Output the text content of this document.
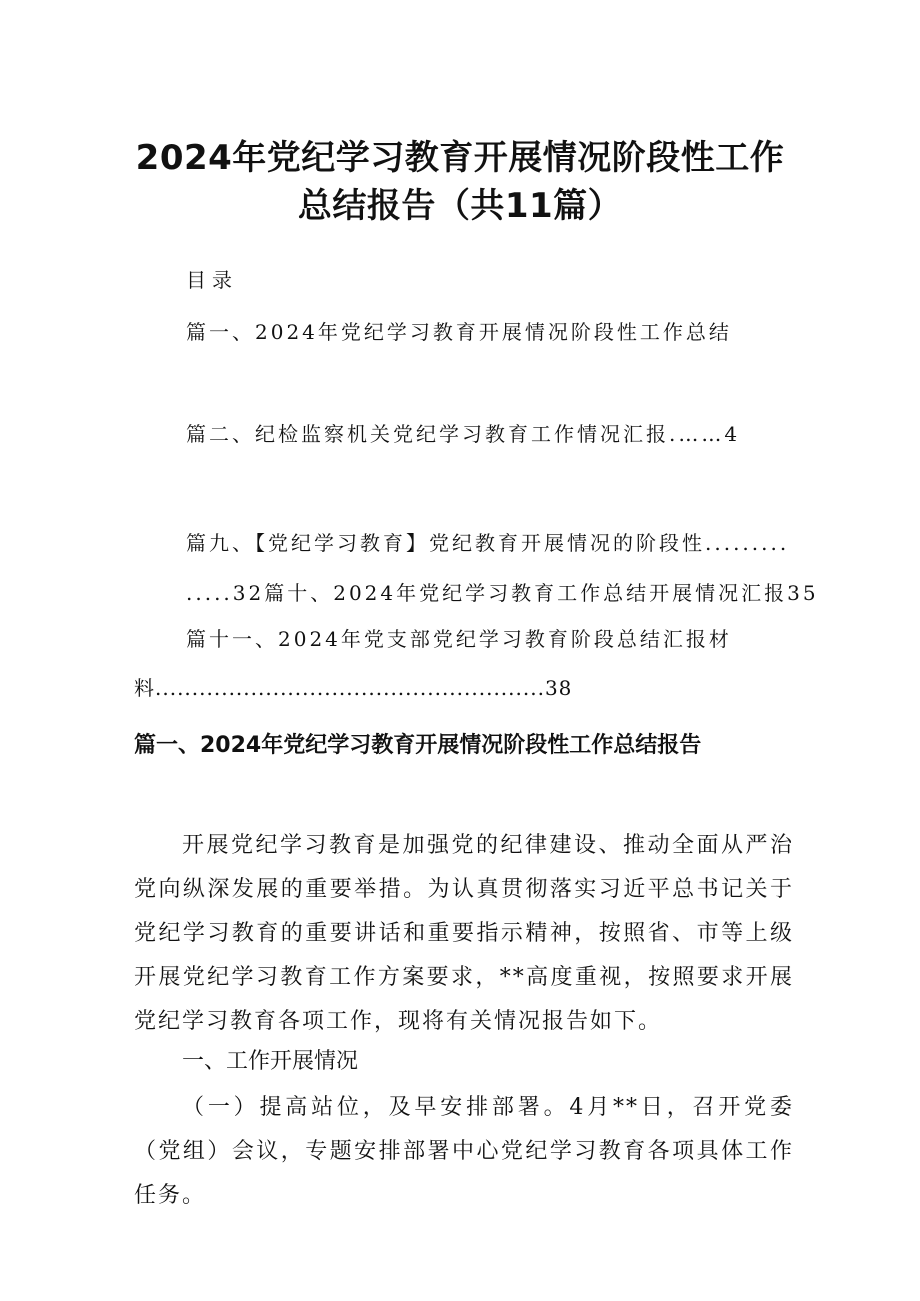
2024年党纪学习教育开展情况阶段性工作
总结报告（共11篇）
目录
篇一、2024年党纪学习教育开展情况阶段性工作总结
篇二、纪检监察机关党纪学习教育工作情况汇报.……4
篇九、【党纪学习教育】党纪教育开展情况的阶段性.........
.....32篇十、2024年党纪学习教育工作总结开展情况汇报35
篇十一、2024年党支部党纪学习教育阶段总结汇报材
料.....................................................38
篇一、2024年党纪学习教育开展情况阶段性工作总结报告
开展党纪学习教育是加强党的纪律建设、推动全面从严治党向纵深发展的重要举措。为认真贯彻落实习近平总书记关于党纪学习教育的重要讲话和重要指示精神，按照省、市等上级开展党纪学习教育工作方案要求，**高度重视，按照要求开展党纪学习教育各项工作，现将有关情况报告如下。
一、工作开展情况
（一）提高站位，及早安排部署。4月**日，召开党委（党组）会议，专题安排部署中心党纪学习教育各项具体工作任务。
